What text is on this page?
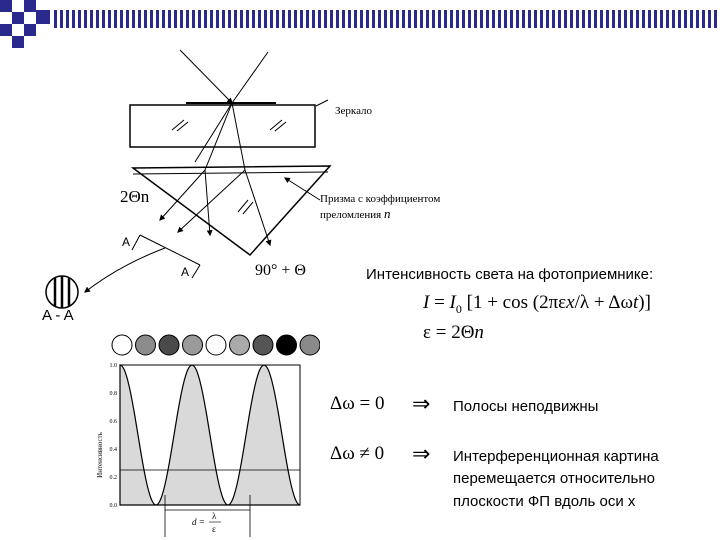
Зеркало
Призма с коэффициентом
преломления n
2Θn
90° + Θ
A
A
A - A
Интенсивность света на фотоприемнике:
$I = I_0$ [1 + cos (2πεx/λ + Δωt)]
ε = 2Θn
Δω = 0 ⇒ Полосы неподвижны
Δω ≠ 0 ⇒ Интерференционная картина
перемещается относительно
плоскости ФП вдоль оси x
Интенсивность
1.0
0.8
0.6
0.4
0.2
0.0
d =
λ
ε
